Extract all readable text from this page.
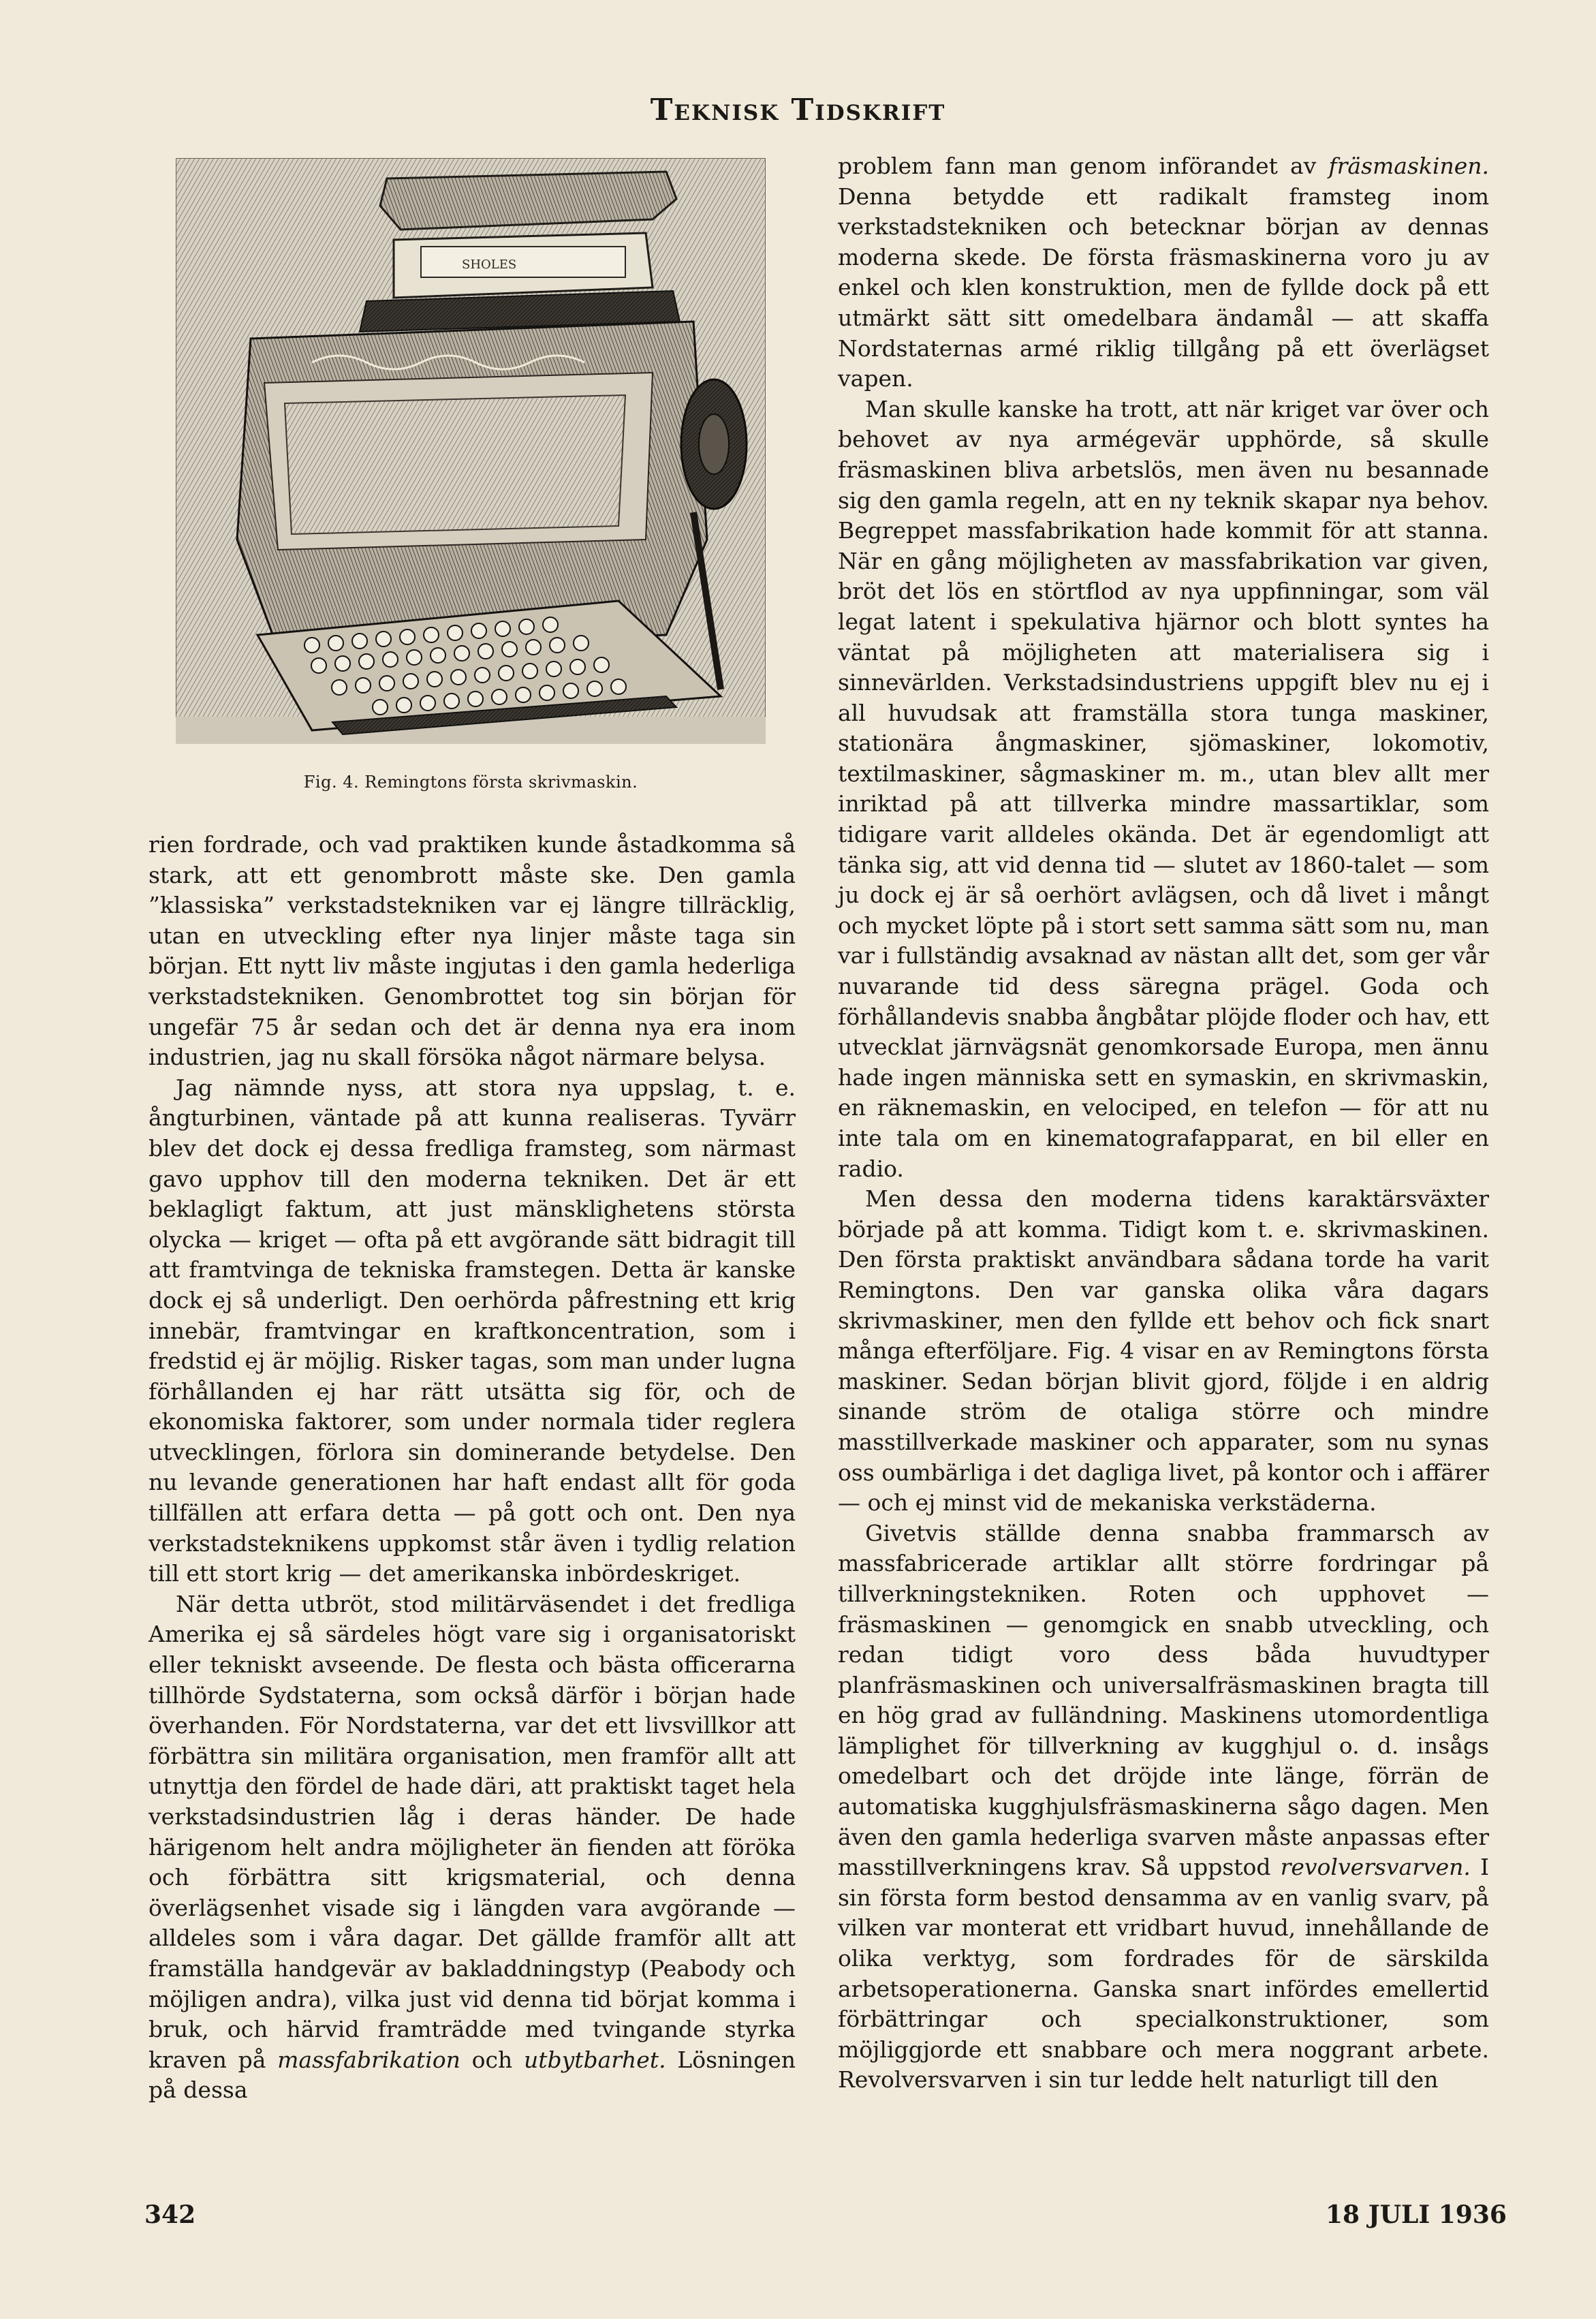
Teknisk Tidskrift
SHOLES
Fig. 4. Remingtons första skrivmaskin.

rien fordrade, och vad praktiken kunde åstadkomma så stark, att ett genombrott måste ske. Den gamla ”klassiska” verkstadstekniken var ej längre tillräcklig, utan en utveckling efter nya linjer måste taga sin början. Ett nytt liv måste ingjutas i den gamla hederliga verkstadstekniken. Genombrottet tog sin början för ungefär 75 år sedan och det är denna nya era inom industrien, jag nu skall försöka något närmare belysa.

Jag nämnde nyss, att stora nya uppslag, t. e. ångturbinen, väntade på att kunna realiseras. Tyvärr blev det dock ej dessa fredliga framsteg, som närmast gavo upphov till den moderna tekniken. Det är ett beklagligt faktum, att just mänsklighetens största olycka — kriget — ofta på ett avgörande sätt bidragit till att framtvinga de tekniska framstegen. Detta är kanske dock ej så underligt. Den oerhörda påfrestning ett krig innebär, framtvingar en kraftkoncentration, som i fredstid ej är möjlig. Risker tagas, som man under lugna förhållanden ej har rätt utsätta sig för, och de ekonomiska faktorer, som under normala tider reglera utvecklingen, förlora sin dominerande betydelse. Den nu levande generationen har haft endast allt för goda tillfällen att erfara detta — på gott och ont. Den nya verkstadsteknikens uppkomst står även i tydlig relation till ett stort krig — det amerikanska inbördeskriget.

När detta utbröt, stod militärväsendet i det fredliga Amerika ej så särdeles högt vare sig i organisatoriskt eller tekniskt avseende. De flesta och bästa officerarna tillhörde Sydstaterna, som också därför i början hade överhanden. För Nordstaterna, var det ett livsvillkor att förbättra sin militära organisation, men framför allt att utnyttja den fördel de hade däri, att praktiskt taget hela verkstadsindustrien låg i deras händer. De hade härigenom helt andra möjligheter än fienden att föröka och förbättra sitt krigsmaterial, och denna överlägsenhet visade sig i längden vara avgörande — alldeles som i våra dagar. Det gällde framför allt att framställa handgevär av bakladdningstyp (Peabody och möjligen andra), vilka just vid denna tid börjat komma i bruk, och härvid framträdde med tvingande styrka kraven på massfabrikation och utbytbarhet. Lösningen på dessa

problem fann man genom införandet av fräsmaskinen. Denna betydde ett radikalt framsteg inom verkstadstekniken och betecknar början av dennas moderna skede. De första fräsmaskinerna voro ju av enkel och klen konstruktion, men de fyllde dock på ett utmärkt sätt sitt omedelbara ändamål — att skaffa Nordstaternas armé riklig tillgång på ett överlägset vapen.

Man skulle kanske ha trott, att när kriget var över och behovet av nya armégevär upphörde, så skulle fräsmaskinen bliva arbetslös, men även nu besannade sig den gamla regeln, att en ny teknik skapar nya behov. Begreppet massfabrikation hade kommit för att stanna. När en gång möjligheten av massfabrikation var given, bröt det lös en störtflod av nya uppfinningar, som väl legat latent i spekulativa hjärnor och blott syntes ha väntat på möjligheten att materialisera sig i sinnevärlden. Verkstadsindustriens uppgift blev nu ej i all huvudsak att framställa stora tunga maskiner, stationära ångmaskiner, sjömaskiner, lokomotiv, textilmaskiner, sågmaskiner m. m., utan blev allt mer inriktad på att tillverka mindre massartiklar, som tidigare varit alldeles okända. Det är egendomligt att tänka sig, att vid denna tid — slutet av 1860-talet — som ju dock ej är så oerhört avlägsen, och då livet i mångt och mycket löpte på i stort sett samma sätt som nu, man var i fullständig avsaknad av nästan allt det, som ger vår nuvarande tid dess säregna prägel. Goda och förhållandevis snabba ångbåtar plöjde floder och hav, ett utvecklat järnvägsnät genomkorsade Europa, men ännu hade ingen människa sett en symaskin, en skrivmaskin, en räknemaskin, en velociped, en telefon — för att nu inte tala om en kinematografapparat, en bil eller en radio.

Men dessa den moderna tidens karaktärsväxter började på att komma. Tidigt kom t. e. skrivmaskinen. Den första praktiskt användbara sådana torde ha varit Remingtons. Den var ganska olika våra dagars skrivmaskiner, men den fyllde ett behov och fick snart många efterföljare. Fig. 4 visar en av Remingtons första maskiner. Sedan början blivit gjord, följde i en aldrig sinande ström de otaliga större och mindre masstillverkade maskiner och apparater, som nu synas oss oumbärliga i det dagliga livet, på kontor och i affärer — och ej minst vid de mekaniska verkstäderna.

Givetvis ställde denna snabba frammarsch av massfabricerade artiklar allt större fordringar på tillverkningstekniken. Roten och upphovet — fräsmaskinen — genomgick en snabb utveckling, och redan tidigt voro dess båda huvudtyper planfräsmaskinen och universalfräsmaskinen bragta till en hög grad av fulländning. Maskinens utomordentliga lämplighet för tillverkning av kugghjul o. d. insågs omedelbart och det dröjde inte länge, förrän de automatiska kugghjulsfräsmaskinerna sågo dagen. Men även den gamla hederliga svarven måste anpassas efter masstillverkningens krav. Så uppstod revolversvarven. I sin första form bestod densamma av en vanlig svarv, på vilken var monterat ett vridbart huvud, innehållande de olika verktyg, som fordrades för de särskilda arbetsoperationerna. Ganska snart infördes emellertid förbättringar och specialkonstruktioner, som möjliggjorde ett snabbare och mera noggrant arbete. Revolversvarven i sin tur ledde helt naturligt till den

342	18 JULI 1936
